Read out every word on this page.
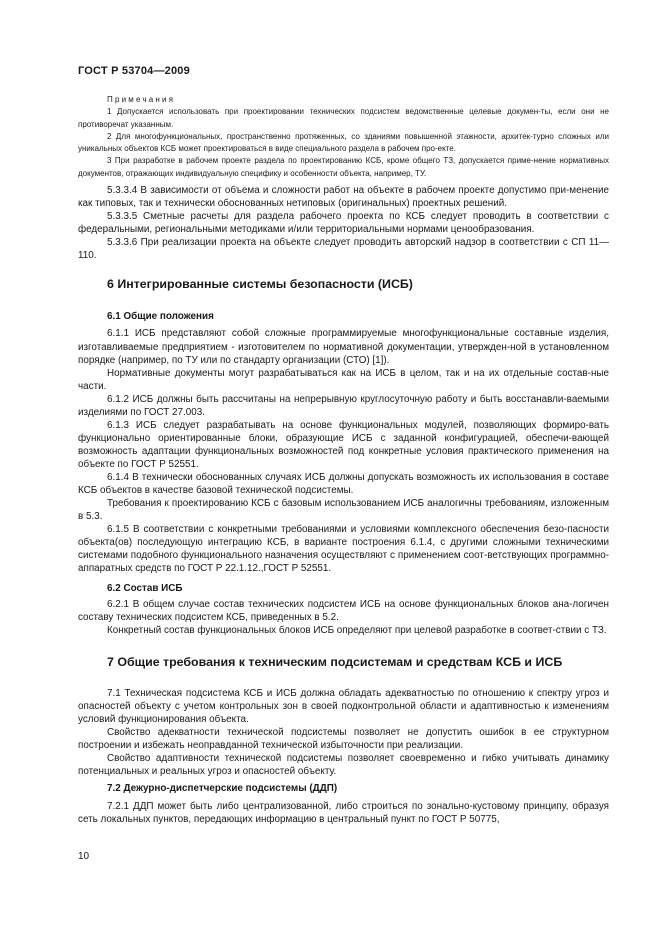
ГОСТ Р 53704—2009

Примечания

1 Допускается использовать при проектировании технических подсистем ведомственные целевые докумен-ты, если они не противоречат указанным.

2 Для многофункциональных, пространственно протяженных, со зданиями повышенной этажности, архитек-турно сложных или уникальных объектов КСБ может проектироваться в виде специального раздела в рабочем про-екте.

3 При разработке в рабочем проекте раздела по проектированию КСБ, кроме общего ТЗ, допускается приме-нение нормативных документов, отражающих индивидуальную специфику и особенности объекта, например, ТУ.

5.3.3.4 В зависимости от объема и сложности работ на объекте в рабочем проекте допустимо при-менение как типовых, так и технически обоснованных нетиповых (оригинальных) проектных решений.

5.3.3.5 Сметные расчеты для раздела рабочего проекта по КСБ следует проводить в соответствии с федеральными, региональными методиками и/или территориальными нормами ценообразования.

5.3.3.6 При реализации проекта на объекте следует проводить авторский надзор в соответствии с СП 11—110.

6 Интегрированные системы безопасности (ИСБ)
6.1 Общие положения

6.1.1 ИСБ представляют собой сложные программируемые многофункциональные составные изделия, изготавливаемые предприятием - изготовителем по нормативной документации, утвержден-ной в установленном порядке (например, по ТУ или по стандарту организации (СТО) [1]).

Нормативные документы могут разрабатываться как на ИСБ в целом, так и на их отдельные состав-ные части.

6.1.2 ИСБ должны быть рассчитаны на непрерывную круглосуточную работу и быть восстанавли-ваемыми изделиями по ГОСТ 27.003.

6.1.3 ИСБ следует разрабатывать на основе функциональных модулей, позволяющих формиро-вать функционально ориентированные блоки, образующие ИСБ с заданной конфигурацией, обеспечи-вающей возможность адаптации функциональных возможностей под конкретные условия практического применения на объекте по ГОСТ Р 52551.

6.1.4 В технически обоснованных случаях ИСБ должны допускать возможность их использования в составе КСБ объектов в качестве базовой технической подсистемы.

Требования к проектированию КСБ с базовым использованием ИСБ аналогичны требованиям, изложенным в 5.3.

6.1.5 В соответствии с конкретными требованиями и условиями комплексного обеспечения безо-пасности объекта(ов) последующую интеграцию КСБ, в варианте построения 6.1.4, с другими сложными техническими системами подобного функционального назначения осуществляют с применением соот-ветствующих программно-аппаратных средств по ГОСТ Р 22.1.12.,ГОСТ Р 52551.

6.2 Состав ИСБ

6.2.1 В общем случае состав технических подсистем ИСБ на основе функциональных блоков ана-логичен составу технических подсистем КСБ, приведенных в 5.2.

Конкретный состав функциональных блоков ИСБ определяют при целевой разработке в соответ-ствии с ТЗ.

7 Общие требования к техническим подсистемам и средствам КСБ и ИСБ

7.1 Техническая подсистема КСБ и ИСБ должна обладать адекватностью по отношению к спектру угроз и опасностей объекту с учетом контрольных зон в своей подконтрольной области и адаптивностью к изменениям условий функционирования объекта.

Свойство адекватности технической подсистемы позволяет не допустить ошибок в ее структурном построении и избежать неоправданной технической избыточности при реализации.

Свойство адаптивности технической подсистемы позволяет своевременно и гибко учитывать динамику потенциальных и реальных угроз и опасностей объекту.

7.2 Дежурно-диспетчерские подсистемы (ДДП)

7.2.1 ДДП может быть либо централизованной, либо строиться по зонально-кустовому принципу, образуя сеть локальных пунктов, передающих информацию в центральный пункт по ГОСТ Р 50775,

10
